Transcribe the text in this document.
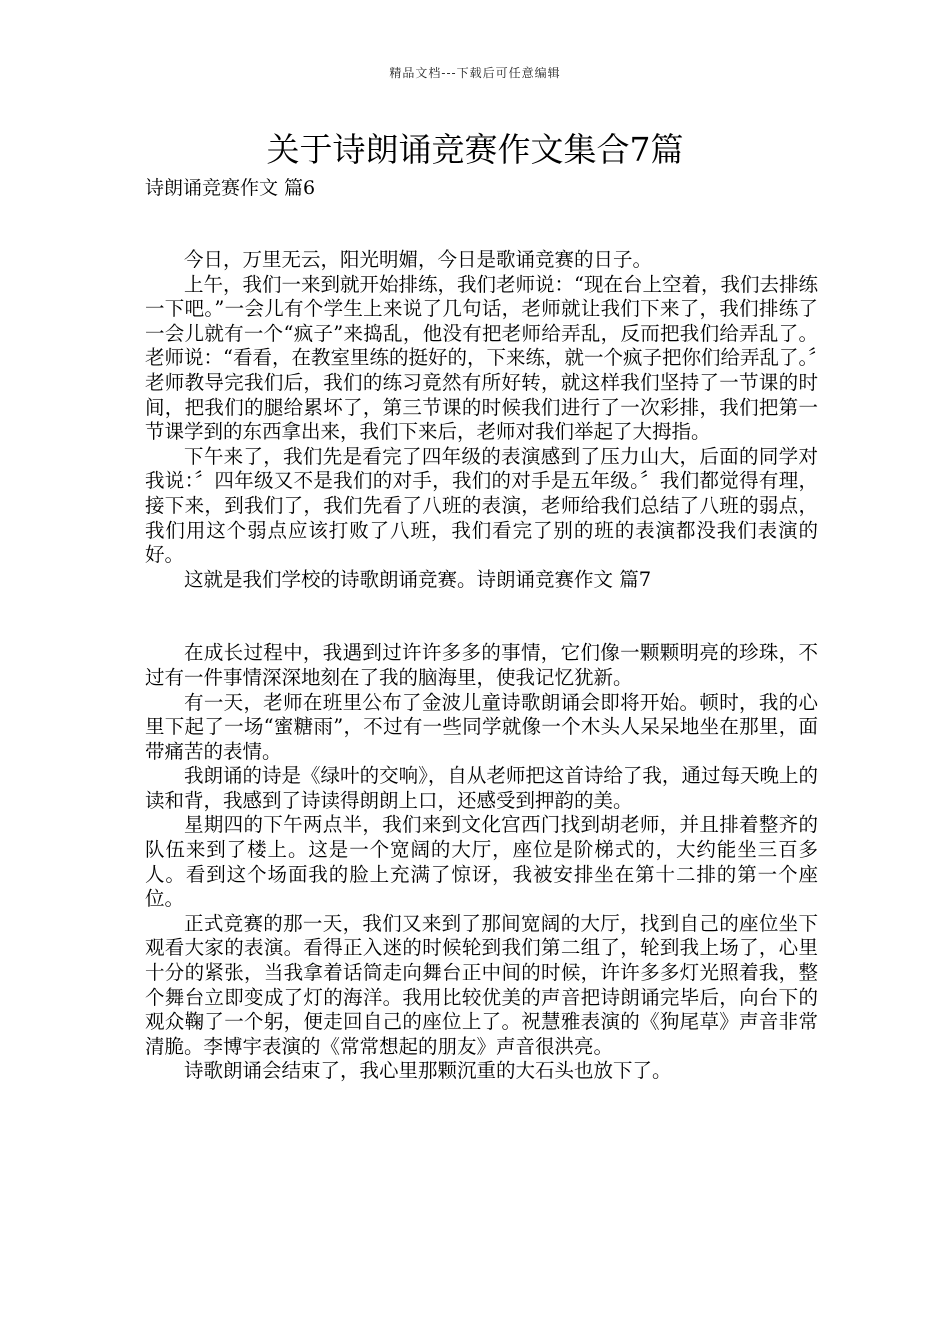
精品文档---下载后可任意编辑
关于诗朗诵竞赛作文集合7篇
诗朗诵竞赛作文 篇6

今日，万里无云，阳光明媚，今日是歌诵竞赛的日子。

上午，我们一来到就开始排练，我们老师说：“现在台上空着，我们去排练一下吧。”一会儿有个学生上来说了几句话，老师就让我们下来了，我们排练了一会儿就有一个“疯子”来捣乱，他没有把老师给弄乱，反而把我们给弄乱了。老师说：“看看，在教室里练的挺好的，下来练，就一个疯子把你们给弄乱了。〞老师教导完我们后，我们的练习竟然有所好转，就这样我们坚持了一节课的时间，把我们的腿给累坏了，第三节课的时候我们进行了一次彩排，我们把第一节课学到的东西拿出来，我们下来后，老师对我们举起了大拇指。

下午来了，我们先是看完了四年级的表演感到了压力山大，后面的同学对我说：〞四年级又不是我们的对手，我们的对手是五年级。〞我们都觉得有理，接下来，到我们了，我们先看了八班的表演，老师给我们总结了八班的弱点，我们用这个弱点应该打败了八班，我们看完了别的班的表演都没我们表演的好。

这就是我们学校的诗歌朗诵竞赛。诗朗诵竞赛作文 篇7

在成长过程中，我遇到过许许多多的事情，它们像一颗颗明亮的珍珠，不过有一件事情深深地刻在了我的脑海里，使我记忆犹新。

有一天，老师在班里公布了金波儿童诗歌朗诵会即将开始。顿时，我的心里下起了一场“蜜糖雨”，不过有一些同学就像一个木头人呆呆地坐在那里，面带痛苦的表情。

我朗诵的诗是《绿叶的交响》，自从老师把这首诗给了我，通过每天晚上的读和背，我感到了诗读得朗朗上口，还感受到押韵的美。

星期四的下午两点半，我们来到文化宫西门找到胡老师，并且排着整齐的队伍来到了楼上。这是一个宽阔的大厅，座位是阶梯式的，大约能坐三百多人。看到这个场面我的脸上充满了惊讶，我被安排坐在第十二排的第一个座位。

正式竞赛的那一天，我们又来到了那间宽阔的大厅，找到自己的座位坐下观看大家的表演。看得正入迷的时候轮到我们第二组了，轮到我上场了，心里十分的紧张，当我拿着话筒走向舞台正中间的时候，许许多多灯光照着我，整个舞台立即变成了灯的海洋。我用比较优美的声音把诗朗诵完毕后，向台下的观众鞠了一个躬，便走回自己的座位上了。祝慧雅表演的《狗尾草》声音非常清脆。李博宇表演的《常常想起的朋友》声音很洪亮。

诗歌朗诵会结束了，我心里那颗沉重的大石头也放下了。
